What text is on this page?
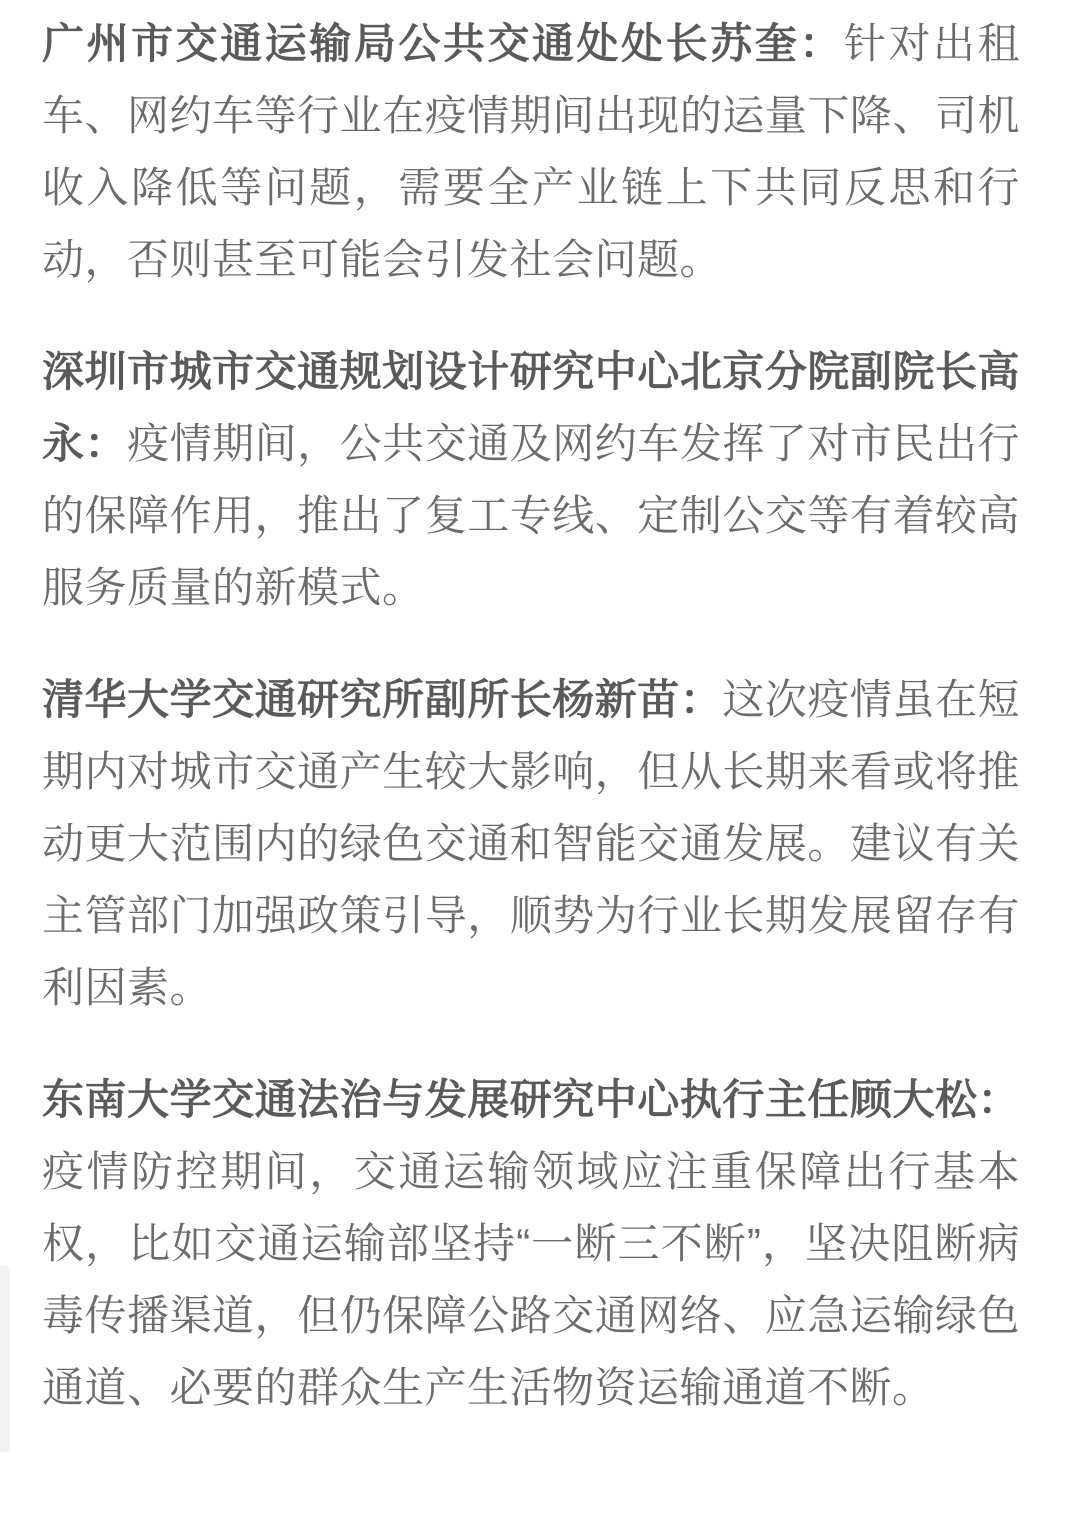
广州市交通运输局公共交通处处长苏奎：针对出租车、网约车等行业在疫情期间出现的运量下降、司机收入降低等问题，需要全产业链上下共同反思和行动，否则甚至可能会引发社会问题。

深圳市城市交通规划设计研究中心北京分院副院长高永：疫情期间，公共交通及网约车发挥了对市民出行的保障作用，推出了复工专线、定制公交等有着较高服务质量的新模式。

清华大学交通研究所副所长杨新苗：这次疫情虽在短期内对城市交通产生较大影响，但从长期来看或将推动更大范围内的绿色交通和智能交通发展。建议有关主管部门加强政策引导，顺势为行业长期发展留存有利因素。

东南大学交通法治与发展研究中心执行主任顾大松：疫情防控期间，交通运输领域应注重保障出行基本权，比如交通运输部坚持“一断三不断”，坚决阻断病毒传播渠道，但仍保障公路交通网络、应急运输绿色通道、必要的群众生产生活物资运输通道不断。
